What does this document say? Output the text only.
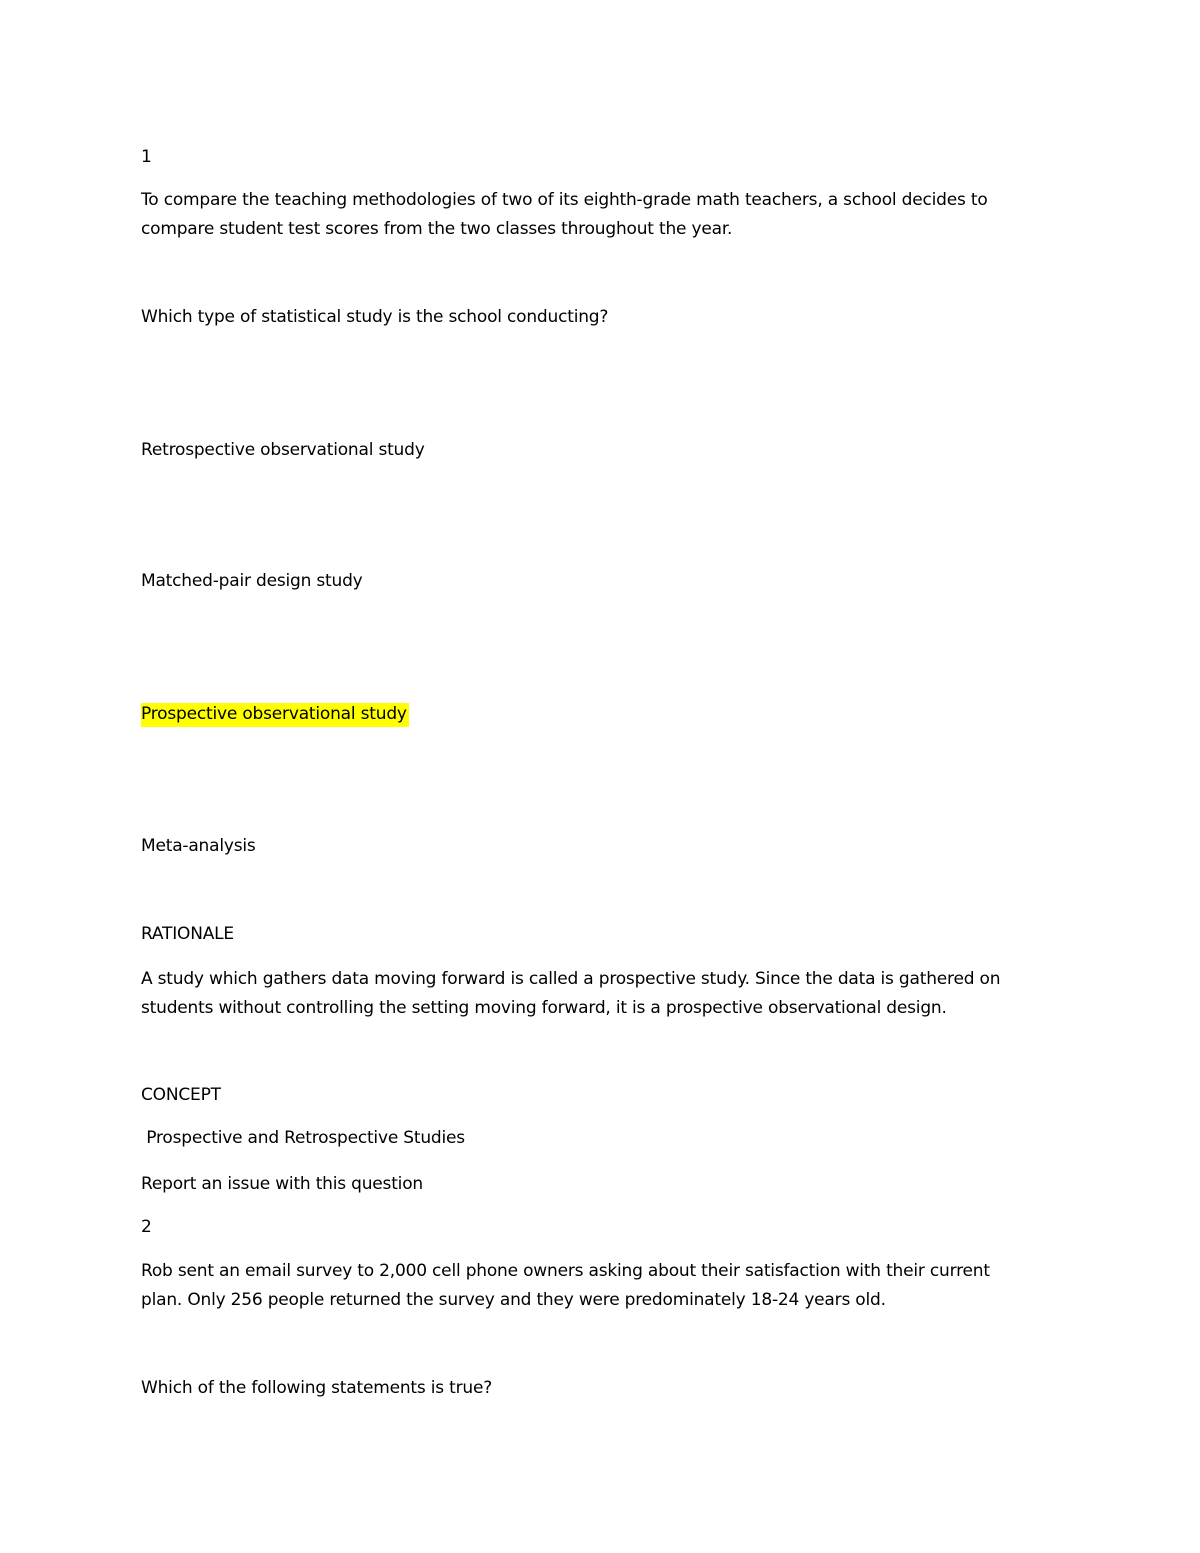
1
To compare the teaching methodologies of two of its eighth-grade math teachers, a school decides to
compare student test scores from the two classes throughout the year.
Which type of statistical study is the school conducting?
Retrospective observational study
Matched-pair design study
Prospective observational study
Meta-analysis
RATIONALE
A study which gathers data moving forward is called a prospective study. Since the data is gathered on
students without controlling the setting moving forward, it is a prospective observational design.
CONCEPT
Prospective and Retrospective Studies
Report an issue with this question
2
Rob sent an email survey to 2,000 cell phone owners asking about their satisfaction with their current
plan. Only 256 people returned the survey and they were predominately 18-24 years old.
Which of the following statements is true?
